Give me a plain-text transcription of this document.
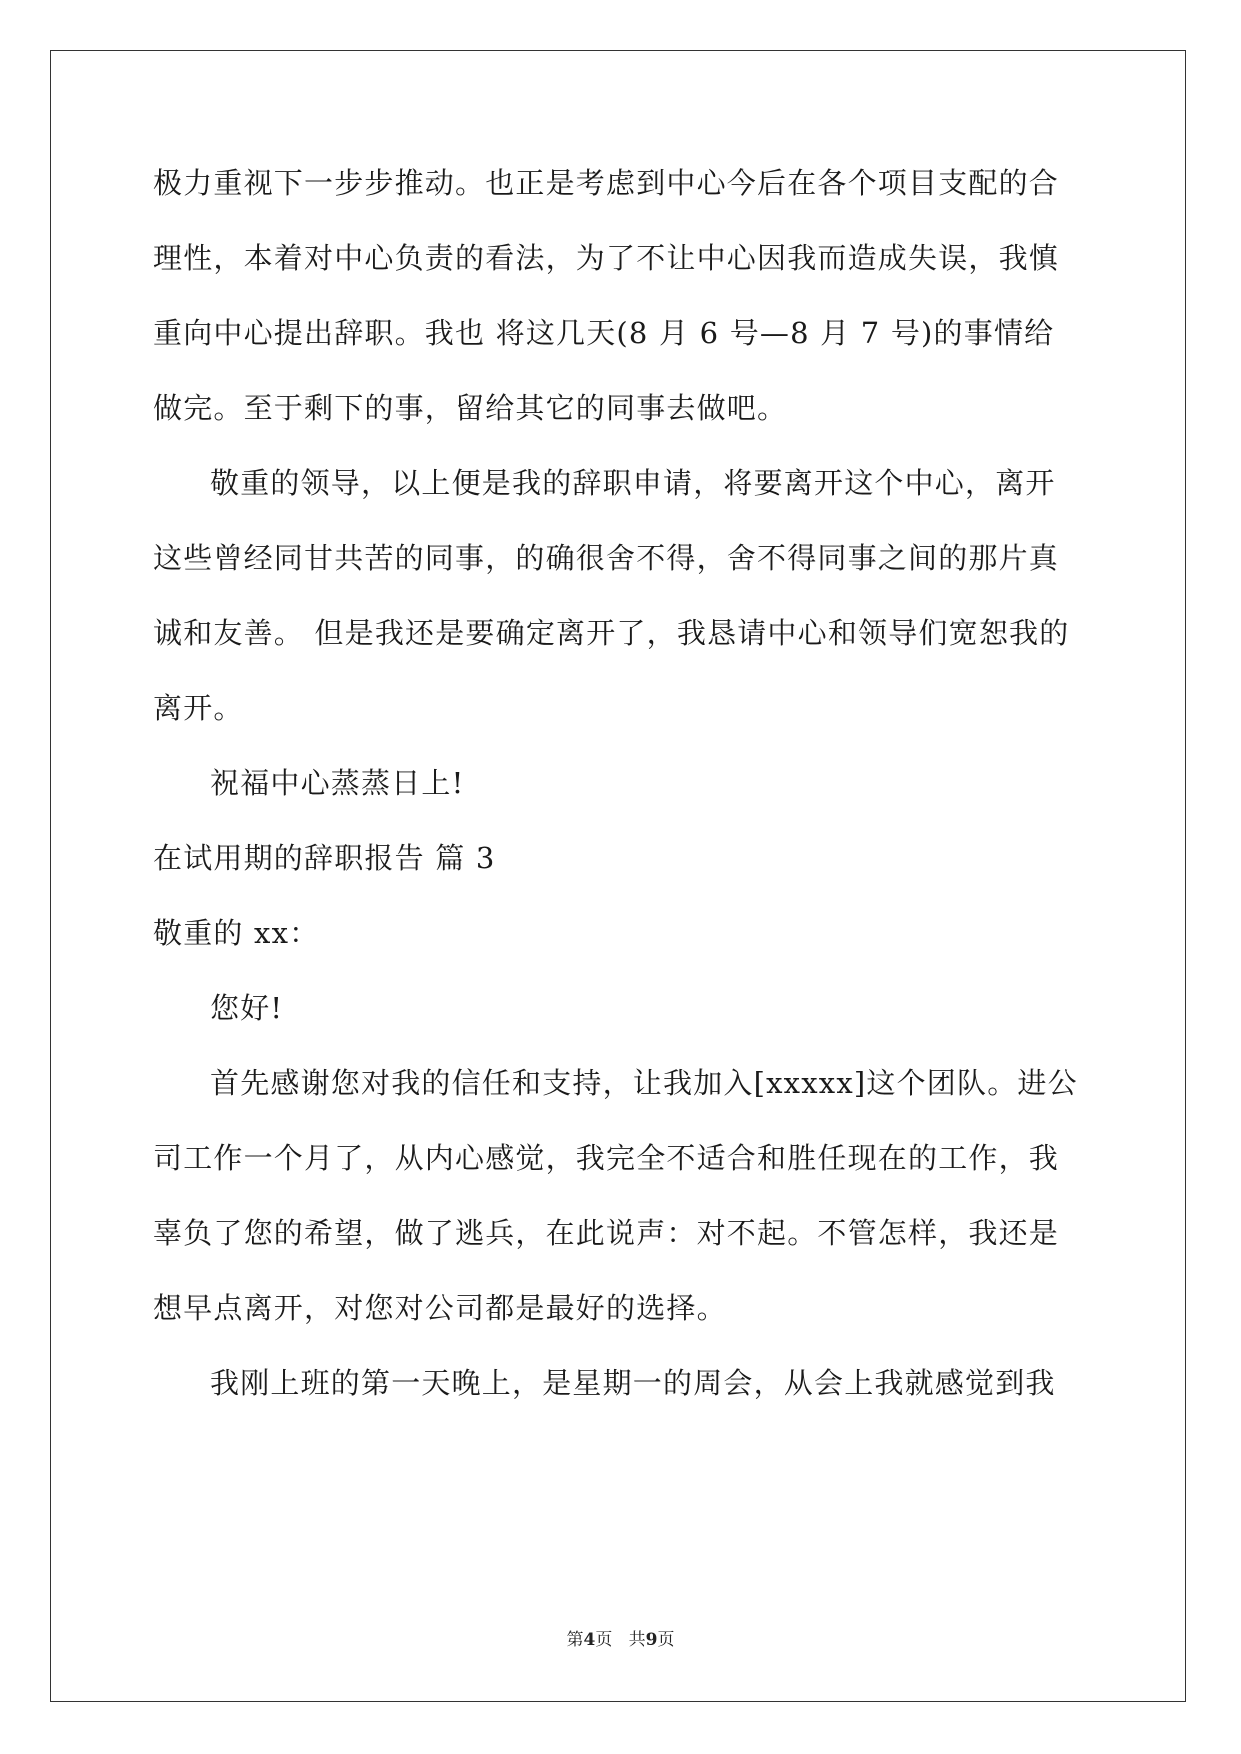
极力重视下一步步推动。也正是考虑到中心今后在各个项目支配的合
理性，本着对中心负责的看法，为了不让中心因我而造成失误，我慎
重向中心提出辞职。我也 将这几天(8 月 6 号—8 月 7 号)的事情给
做完。至于剩下的事，留给其它的同事去做吧。
敬重的领导，以上便是我的辞职申请，将要离开这个中心，离开
这些曾经同甘共苦的同事，的确很舍不得，舍不得同事之间的那片真
诚和友善。 但是我还是要确定离开了，我恳请中心和领导们宽恕我的
离开。
祝福中心蒸蒸日上!
在试用期的辞职报告 篇 3
敬重的 xx：
您好!
首先感谢您对我的信任和支持，让我加入[xxxxx]这个团队。进公
司工作一个月了，从内心感觉，我完全不适合和胜任现在的工作，我
辜负了您的希望，做了逃兵，在此说声：对不起。不管怎样，我还是
想早点离开，对您对公司都是最好的选择。
我刚上班的第一天晚上，是星期一的周会，从会上我就感觉到我
第4页   共9页
